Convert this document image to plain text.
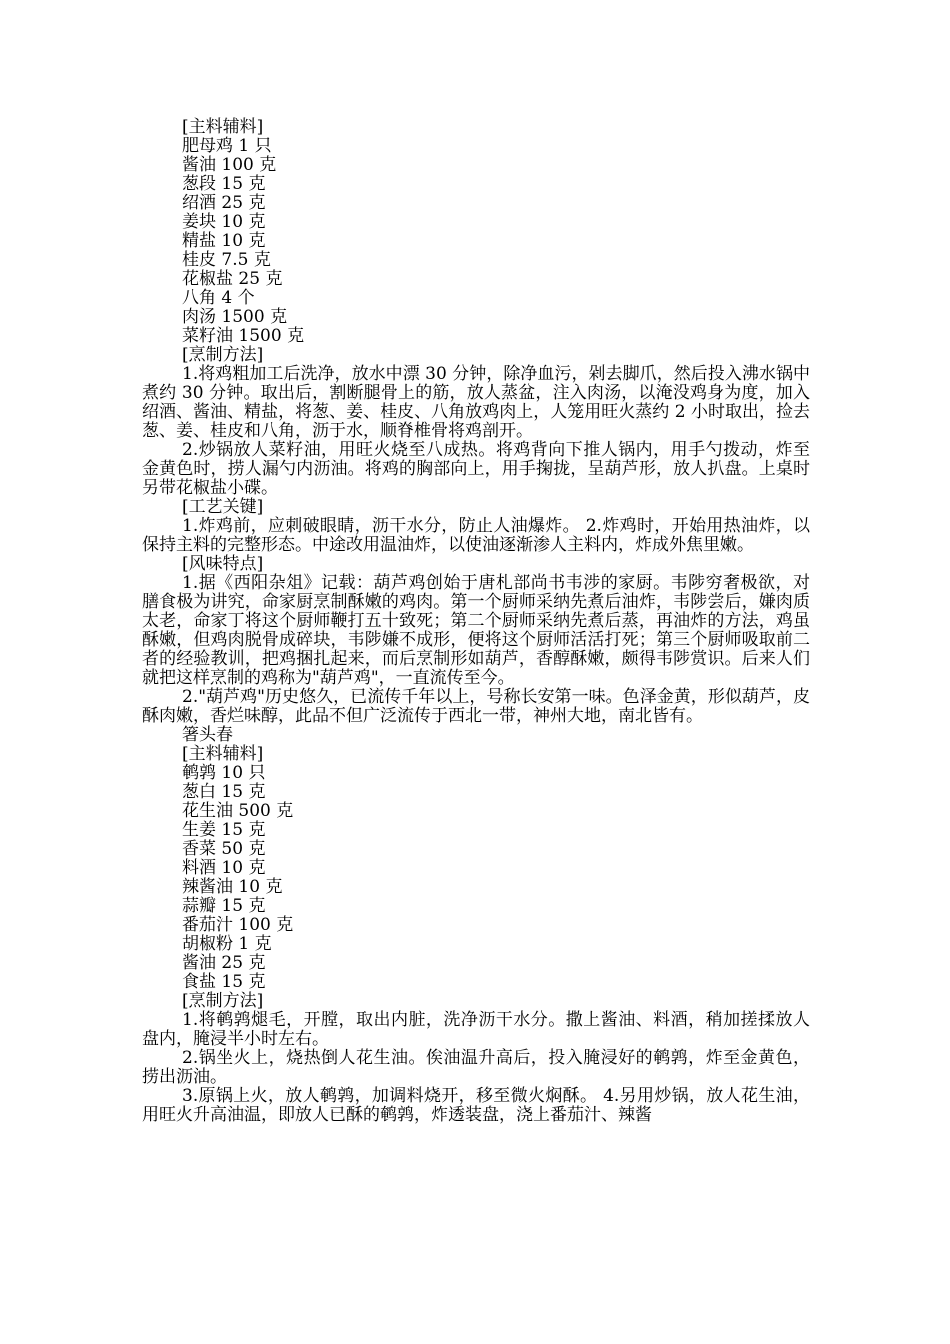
[主料辅料]
肥母鸡 1 只
酱油 100 克
葱段 15 克
绍酒 25 克
姜块 10 克
精盐 10 克
桂皮 7.5 克
花椒盐 25 克
八角 4 个
肉汤 1500 克
菜籽油 1500 克
[烹制方法]
1.将鸡粗加工后洗净，放水中漂 30 分钟，除净血污，剁去脚爪，然后投入沸水锅中煮约 30 分钟。取出后，割断腿骨上的筋，放人蒸盆，注入肉汤，以淹没鸡身为度，加入绍酒、酱油、精盐，将葱、姜、桂皮、八角放鸡肉上，人笼用旺火蒸约 2 小时取出，捡去葱、姜、桂皮和八角，沥于水，顺脊椎骨将鸡剖开。
2.炒锅放人菜籽油，用旺火烧至八成热。将鸡背向下推人锅内，用手勺拨动，炸至金黄色时，捞人漏勺内沥油。将鸡的胸部向上，用手掬拢，呈葫芦形，放人扒盘。上桌时另带花椒盐小碟。
[工艺关键]
1.炸鸡前，应刺破眼睛，沥干水分，防止人油爆炸。 2.炸鸡时，开始用热油炸，以保持主料的完整形态。中途改用温油炸，以使油逐渐渗人主料内，炸成外焦里嫩。
[风味特点]
1.据《西阳杂俎》记载：葫芦鸡创始于唐札部尚书韦涉的家厨。韦陟穷奢极欲，对膳食极为讲究，命家厨烹制酥嫩的鸡肉。第一个厨师采纳先煮后油炸，韦陟尝后，嫌肉质太老，命家丁将这个厨师鞭打五十致死；第二个厨师采纳先煮后蒸，再油炸的方法，鸡虽酥嫩，但鸡肉脱骨成碎块，韦陟嫌不成形，便将这个厨师活活打死；第三个厨师吸取前二者的经验教训，把鸡捆扎起来，而后烹制形如葫芦，香醇酥嫩，颇得韦陟赏识。后来人们就把这样烹制的鸡称为"葫芦鸡"，一直流传至今。
2."葫芦鸡"历史悠久，已流传千年以上，号称长安第一味。色泽金黄，形似葫芦，皮酥肉嫩，香烂味醇，此品不但广泛流传于西北一带，神州大地，南北皆有。
箸头春
[主料辅料]
鹌鹑 10 只
葱白 15 克
花生油 500 克
生姜 15 克
香菜 50 克
料酒 10 克
辣酱油 10 克
蒜瓣 15 克
番茄汁 100 克
胡椒粉 1 克
酱油 25 克
食盐 15 克
[烹制方法]
1.将鹌鹑煺毛，开膛，取出内脏，洗净沥干水分。撒上酱油、料酒，稍加搓揉放人盘内，腌浸半小时左右。
2.锅坐火上，烧热倒人花生油。俟油温升高后，投入腌浸好的鹌鹑，炸至金黄色，捞出沥油。
3.原锅上火，放人鹌鹑，加调料烧开，移至微火焖酥。 4.另用炒锅，放人花生油，用旺火升高油温，即放人已酥的鹌鹑，炸透装盘，浇上番茄汁、辣酱
